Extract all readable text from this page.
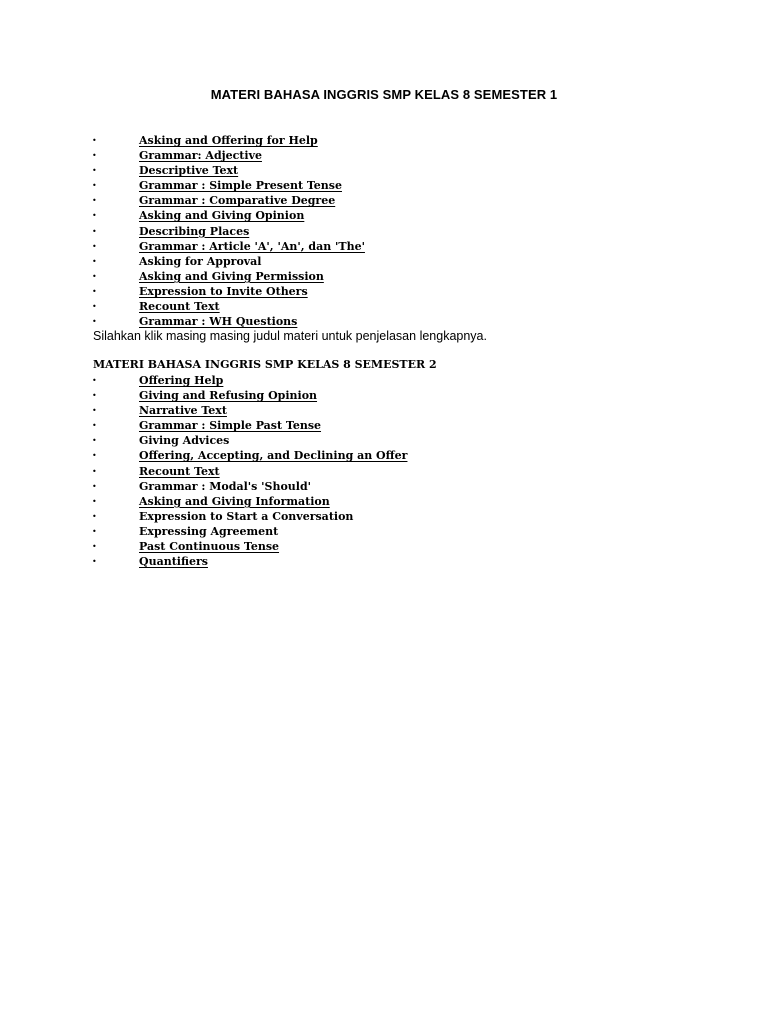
MATERI BAHASA INGGRIS SMP KELAS 8 SEMESTER 1
•	Asking and Offering for Help
•	Grammar: Adjective
•	Descriptive Text
•	Grammar : Simple Present Tense
•	Grammar : Comparative Degree
•	Asking and Giving Opinion
•	Describing Places
•	Grammar : Article 'A', 'An', dan 'The'
•	Asking for Approval
•	Asking and Giving Permission
•	Expression to Invite Others
•	Recount Text
•	Grammar : WH Questions
Silahkan klik masing masing judul materi untuk penjelasan lengkapnya.
MATERI BAHASA INGGRIS SMP KELAS 8 SEMESTER 2
•	Offering Help
•	Giving and Refusing Opinion
•	Narrative Text
•	Grammar : Simple Past Tense
•	Giving Advices
•	Offering, Accepting, and Declining an Offer
•	Recount Text
•	Grammar : Modal's 'Should'
•	Asking and Giving Information
•	Expression to Start a Conversation
•	Expressing Agreement
•	Past Continuous Tense
•	Quantifiers
